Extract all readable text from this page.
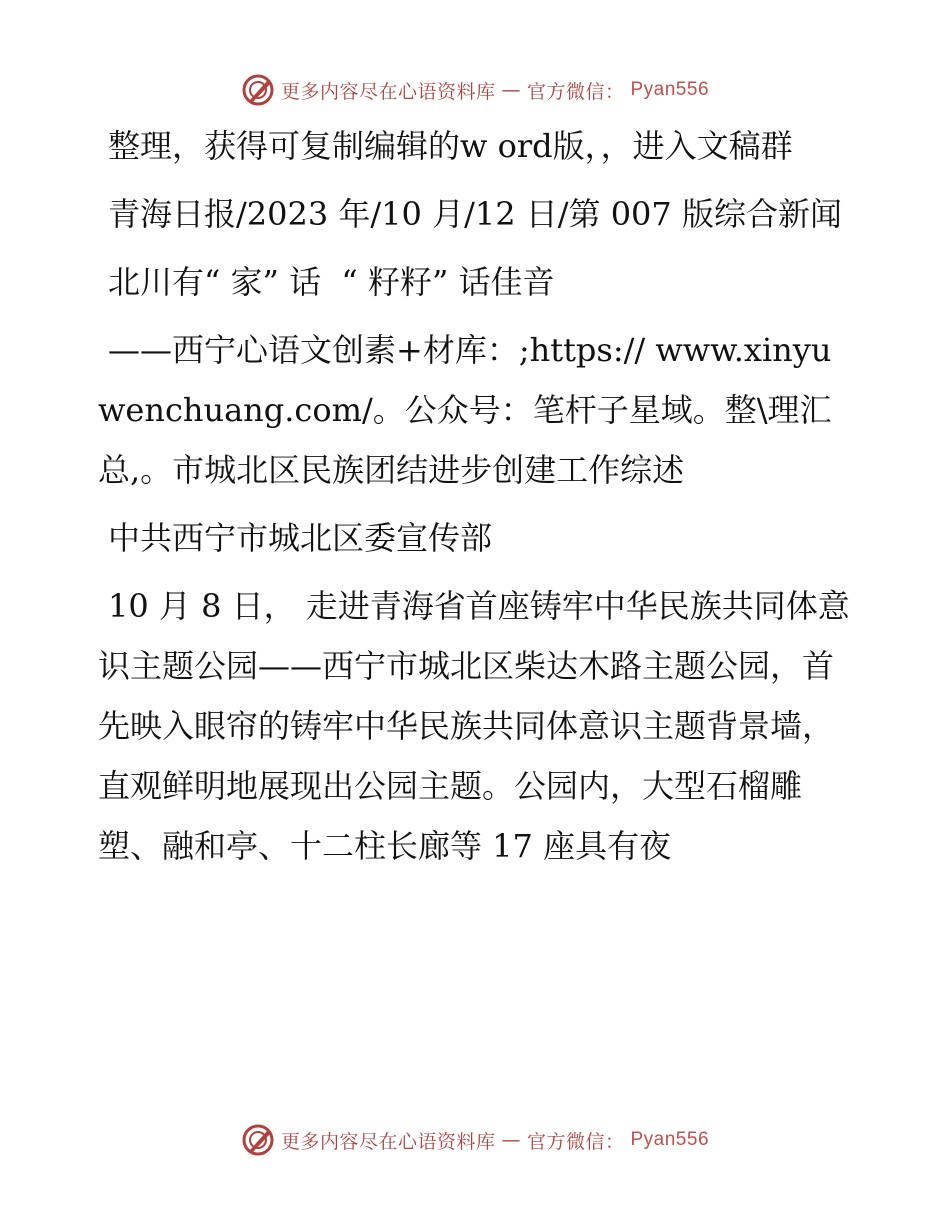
更多内容尽在心语资料库 — 官方微信： Pyan556

整理，获得可复制编辑的w ord版，，进入文稿群

青海日报/2023 年/10 月/12 日/第 007 版综合新闻

北川有“ 家” 话  “ 籽籽” 话佳音

——西宁心语文创素+材库：;https:// www.xinyuwenchuang.com/。公众号：笔杆子星域。整\理汇总,。市城北区民族团结进步创建工作综述

中共西宁市城北区委宣传部

10 月 8 日， 走进青海省首座铸牢中华民族共同体意识主题公园——西宁市城北区柴达木路主题公园，首先映入眼帘的铸牢中华民族共同体意识主题背景墙，直观鲜明地展现出公园主题。公园内，大型石榴雕塑、融和亭、十二柱长廊等 17 座具有夜

更多内容尽在心语资料库 — 官方微信： Pyan556
